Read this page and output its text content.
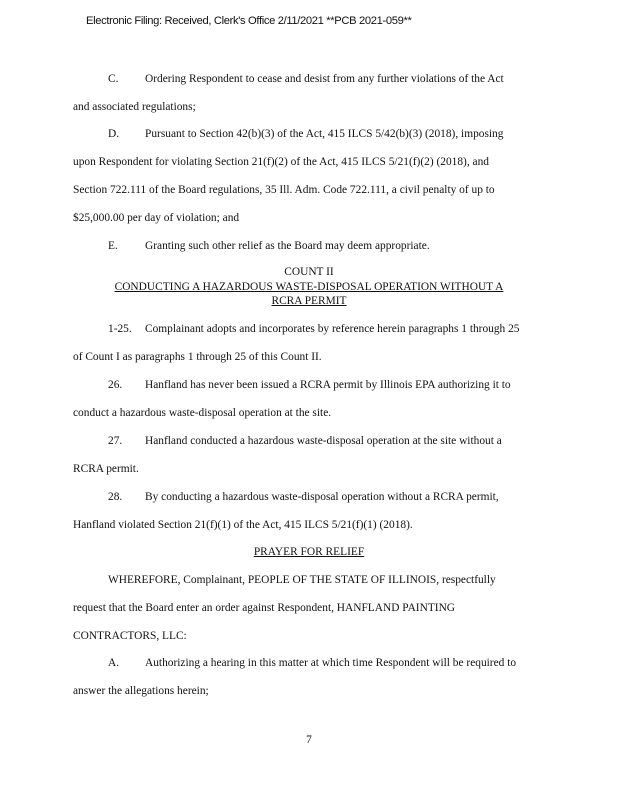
Electronic Filing: Received, Clerk's Office 2/11/2021 **PCB 2021-059**
C. Ordering Respondent to cease and desist from any further violations of the Act
and associated regulations;
D. Pursuant to Section 42(b)(3) of the Act, 415 ILCS 5/42(b)(3) (2018), imposing
upon Respondent for violating Section 21(f)(2) of the Act, 415 ILCS 5/21(f)(2) (2018), and
Section 722.111 of the Board regulations, 35 Ill. Adm. Code 722.111, a civil penalty of up to
$25,000.00 per day of violation; and
E. Granting such other relief as the Board may deem appropriate.
COUNT II
CONDUCTING A HAZARDOUS WASTE-DISPOSAL OPERATION WITHOUT A
RCRA PERMIT
1-25. Complainant adopts and incorporates by reference herein paragraphs 1 through 25
of Count I as paragraphs 1 through 25 of this Count II.
26. Hanfland has never been issued a RCRA permit by Illinois EPA authorizing it to
conduct a hazardous waste-disposal operation at the site.
27. Hanfland conducted a hazardous waste-disposal operation at the site without a
RCRA permit.
28. By conducting a hazardous waste-disposal operation without a RCRA permit,
Hanfland violated Section 21(f)(1) of the Act, 415 ILCS 5/21(f)(1) (2018).
PRAYER FOR RELIEF
WHEREFORE, Complainant, PEOPLE OF THE STATE OF ILLINOIS, respectfully
request that the Board enter an order against Respondent, HANFLAND PAINTING
CONTRACTORS, LLC:
A. Authorizing a hearing in this matter at which time Respondent will be required to
answer the allegations herein;
7
